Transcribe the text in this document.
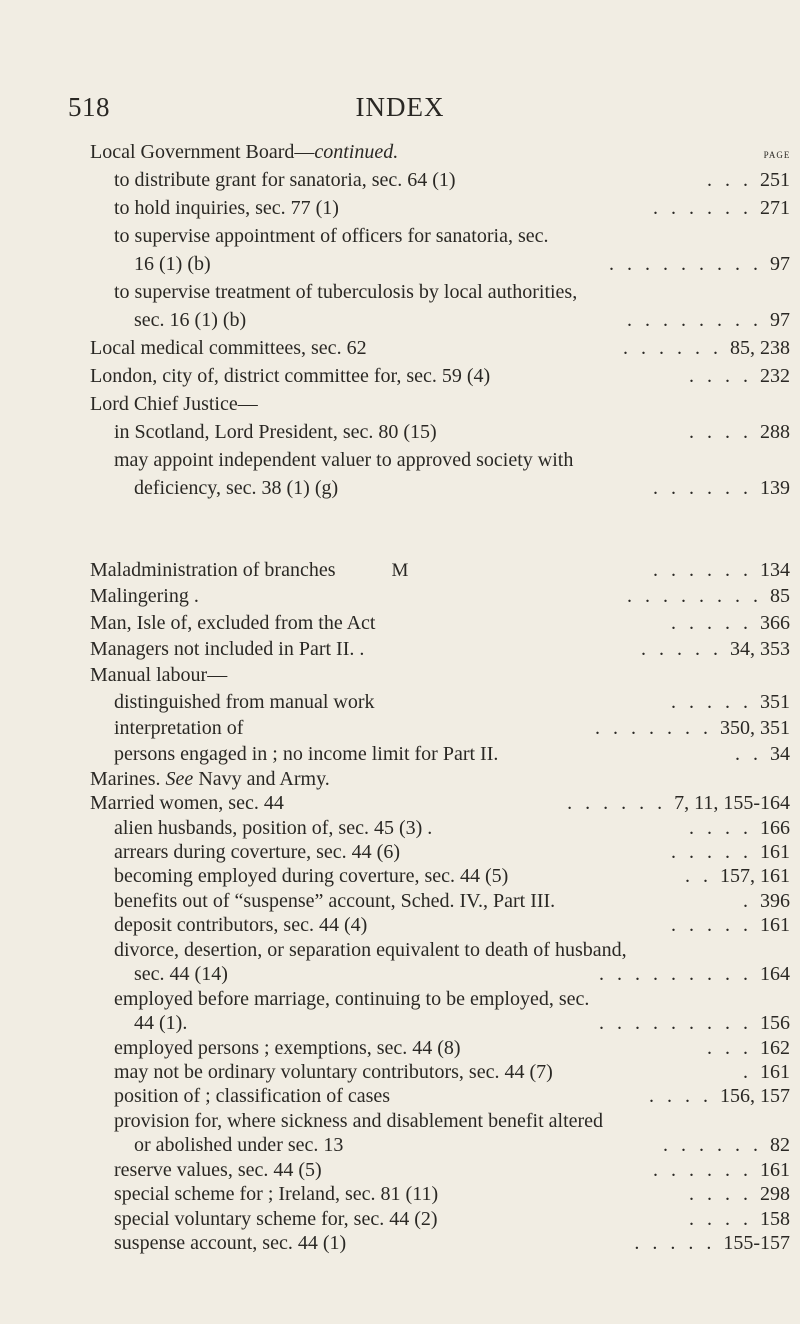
518	INDEX
PAGE
M
Local Government Board—continued.
to distribute grant for sanatoria, sec. 64 (1)	251
. . .
to hold inquiries, sec. 77 (1)	271
. . . . . .
to supervise appointment of officers for sanatoria, sec.
16 (1) (b)	97
. . . . . . . . .
to supervise treatment of tuberculosis by local authorities,
sec. 16 (1) (b)	97
. . . . . . . .
Local medical committees, sec. 62	85, 238
. . . . . .
London, city of, district committee for, sec. 59 (4)	232
. . . .
Lord Chief Justice—
in Scotland, Lord President, sec. 80 (15)	288
. . . .
may appoint independent valuer to approved society with
deficiency, sec. 38 (1) (g)	139
. . . . . .
Maladministration of branches	134
. . . . . .
Malingering .	85
. . . . . . . .
Man, Isle of, excluded from the Act	366
. . . . .
Managers not included in Part II. .	34, 353
. . . . .
Manual labour—
distinguished from manual work	351
. . . . .
interpretation of	350, 351
. . . . . . .
persons engaged in ; no income limit for Part II.	34
. .
Marines. See Navy and Army.
Married women, sec. 44	7, 11, 155-164
. . . . . .
alien husbands, position of, sec. 45 (3) .	166
. . . .
arrears during coverture, sec. 44 (6)	161
. . . . .
becoming employed during coverture, sec. 44 (5)	157, 161
. .
benefits out of “suspense” account, Sched. IV., Part III.	396
.
deposit contributors, sec. 44 (4)	161
. . . . .
divorce, desertion, or separation equivalent to death of husband,
sec. 44 (14)	164
. . . . . . . . .
employed before marriage, continuing to be employed, sec.
44 (1).	156
. . . . . . . . .
employed persons ; exemptions, sec. 44 (8)	162
. . .
may not be ordinary voluntary contributors, sec. 44 (7)	161
.
position of ; classification of cases	156, 157
. . . .
provision for, where sickness and disablement benefit altered
or abolished under sec. 13	82
. . . . . .
reserve values, sec. 44 (5)	161
. . . . . .
special scheme for ; Ireland, sec. 81 (11)	298
. . . .
special voluntary scheme for, sec. 44 (2)	158
. . . .
suspense account, sec. 44 (1)	155-157
. . . . .
